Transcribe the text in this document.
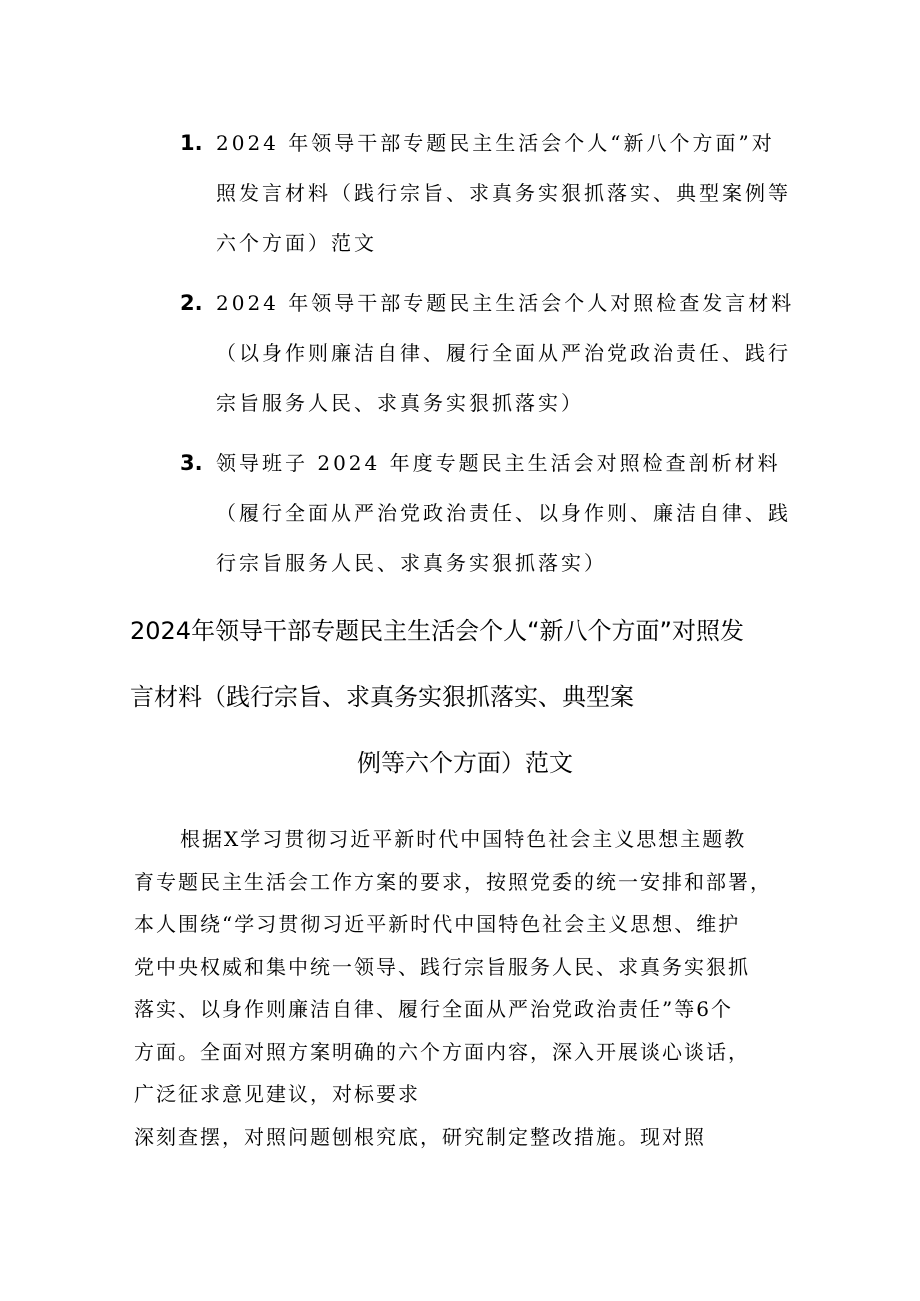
1. 2024 年领导干部专题民主生活会个人“新八个方面”对
照发言材料（践行宗旨、求真务实狠抓落实、典型案例等
六个方面）范文
2. 2024 年领导干部专题民主生活会个人对照检查发言材料
（以身作则廉洁自律、履行全面从严治党政治责任、践行
宗旨服务人民、求真务实狠抓落实）
3. 领导班子 2024 年度专题民主生活会对照检查剖析材料
（履行全面从严治党政治责任、以身作则、廉洁自律、践
行宗旨服务人民、求真务实狠抓落实）
2024年领导干部专题民主生活会个人“新八个方面”对照发
言材料（践行宗旨、求真务实狠抓落实、典型案
例等六个方面）范文
根据X学习贯彻习近平新时代中国特色社会主义思想主题教
育专题民主生活会工作方案的要求，按照党委的统一安排和部署，
本人围绕“学习贯彻习近平新时代中国特色社会主义思想、维护
党中央权威和集中统一领导、践行宗旨服务人民、求真务实狠抓
落实、以身作则廉洁自律、履行全面从严治党政治责任”等6个
方面。全面对照方案明确的六个方面内容，深入开展谈心谈话，
广泛征求意见建议，对标要求
深刻查摆，对照问题刨根究底，研究制定整改措施。现对照
